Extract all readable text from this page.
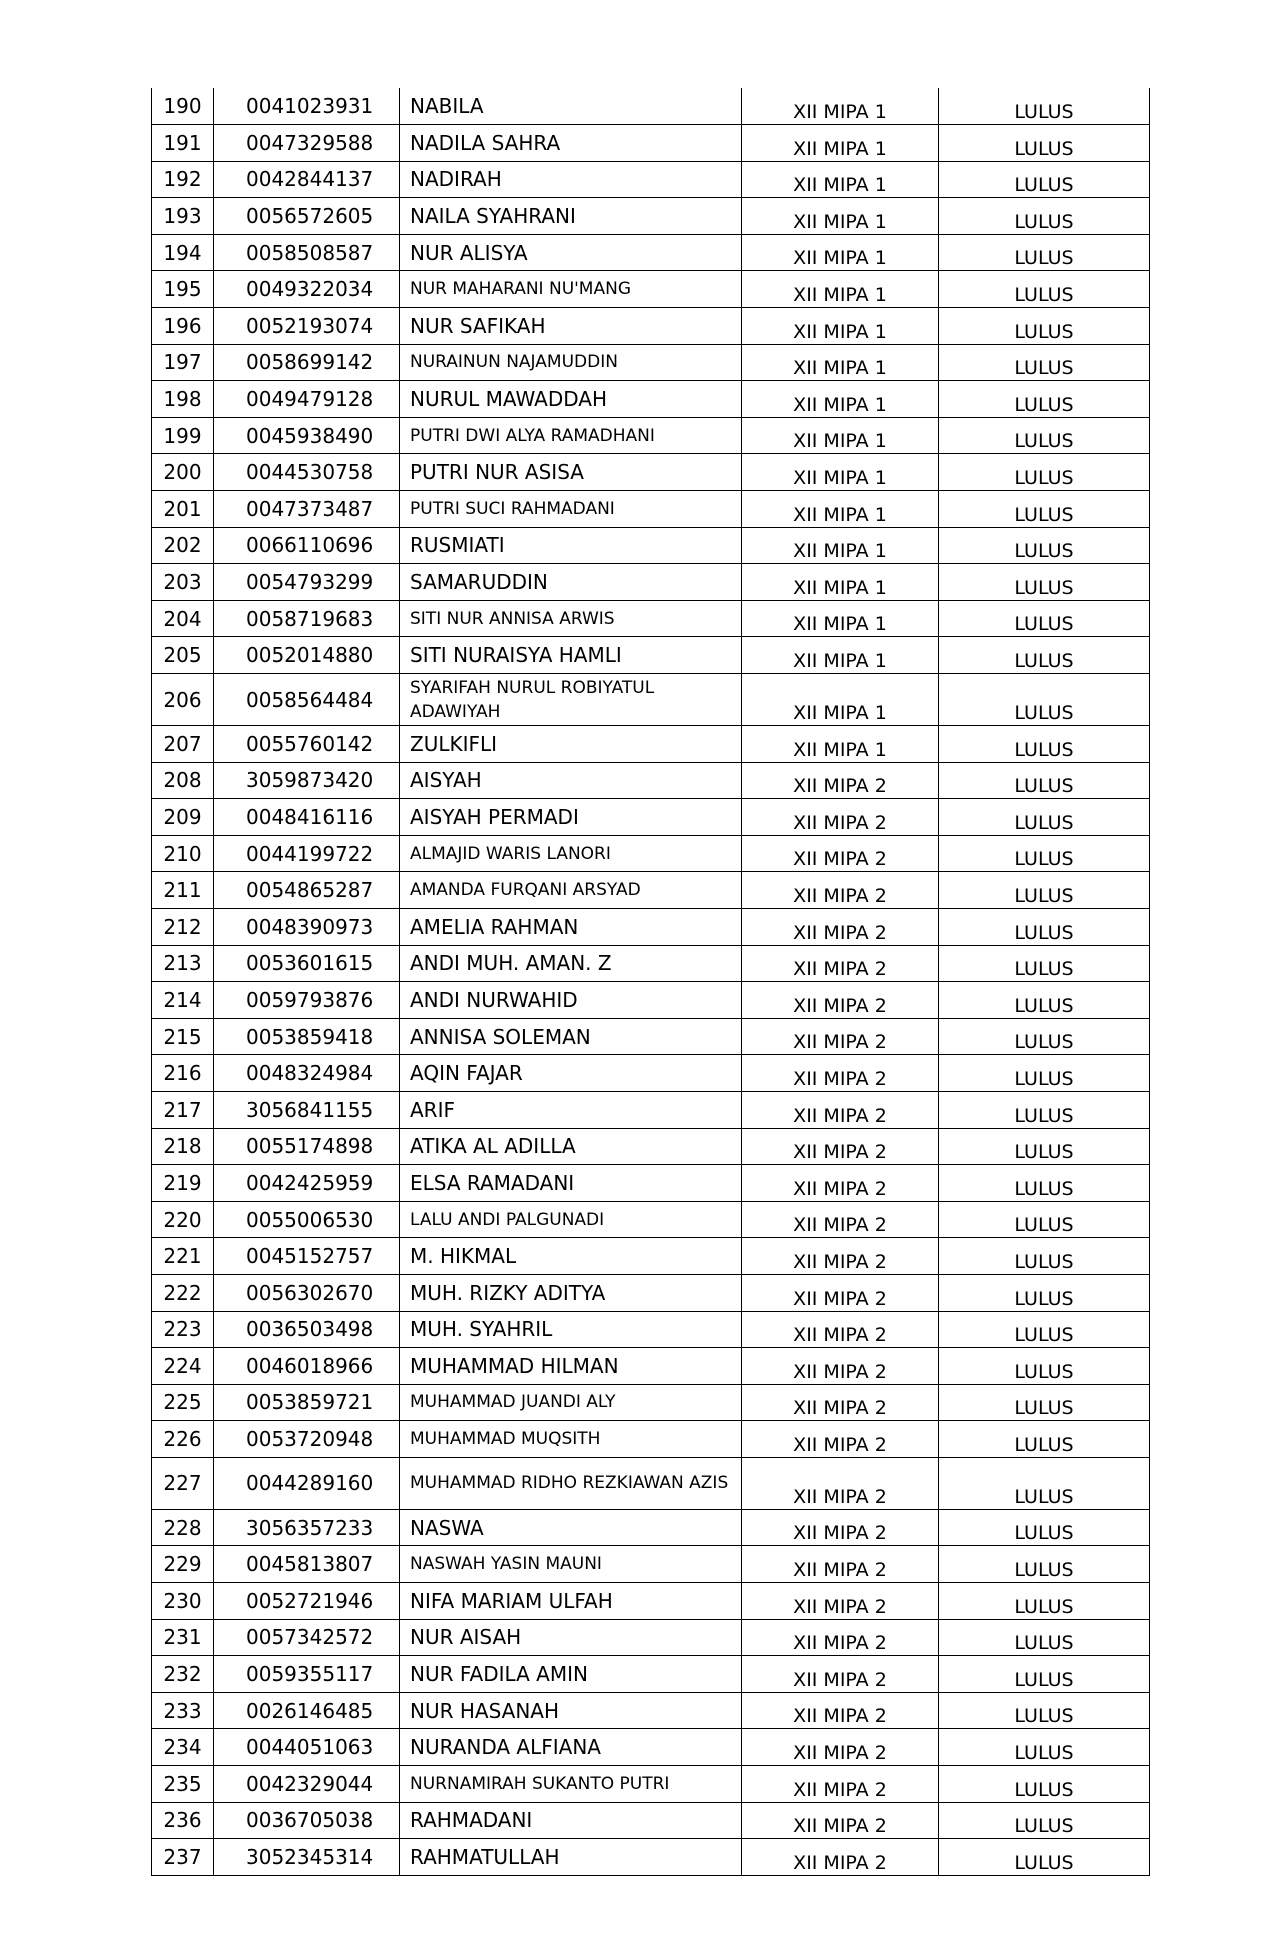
190	0041023931	NABILA	XII MIPA 1	LULUS
191	0047329588	NADILA SAHRA	XII MIPA 1	LULUS
192	0042844137	NADIRAH	XII MIPA 1	LULUS
193	0056572605	NAILA SYAHRANI	XII MIPA 1	LULUS
194	0058508587	NUR ALISYA	XII MIPA 1	LULUS
195	0049322034	NUR MAHARANI NU'MANG	XII MIPA 1	LULUS
196	0052193074	NUR SAFIKAH	XII MIPA 1	LULUS
197	0058699142	NURAINUN NAJAMUDDIN	XII MIPA 1	LULUS
198	0049479128	NURUL MAWADDAH	XII MIPA 1	LULUS
199	0045938490	PUTRI DWI ALYA RAMADHANI	XII MIPA 1	LULUS
200	0044530758	PUTRI NUR ASISA	XII MIPA 1	LULUS
201	0047373487	PUTRI SUCI RAHMADANI	XII MIPA 1	LULUS
202	0066110696	RUSMIATI	XII MIPA 1	LULUS
203	0054793299	SAMARUDDIN	XII MIPA 1	LULUS
204	0058719683	SITI NUR ANNISA ARWIS	XII MIPA 1	LULUS
205	0052014880	SITI NURAISYA HAMLI	XII MIPA 1	LULUS
206	0058564484	SYARIFAH NURUL ROBIYATUL ADAWIYAH	XII MIPA 1	LULUS
207	0055760142	ZULKIFLI	XII MIPA 1	LULUS
208	3059873420	AISYAH	XII MIPA 2	LULUS
209	0048416116	AISYAH PERMADI	XII MIPA 2	LULUS
210	0044199722	ALMAJID WARIS LANORI	XII MIPA 2	LULUS
211	0054865287	AMANDA FURQANI ARSYAD	XII MIPA 2	LULUS
212	0048390973	AMELIA RAHMAN	XII MIPA 2	LULUS
213	0053601615	ANDI MUH. AMAN. Z	XII MIPA 2	LULUS
214	0059793876	ANDI NURWAHID	XII MIPA 2	LULUS
215	0053859418	ANNISA SOLEMAN	XII MIPA 2	LULUS
216	0048324984	AQIN FAJAR	XII MIPA 2	LULUS
217	3056841155	ARIF	XII MIPA 2	LULUS
218	0055174898	ATIKA AL ADILLA	XII MIPA 2	LULUS
219	0042425959	ELSA RAMADANI	XII MIPA 2	LULUS
220	0055006530	LALU ANDI PALGUNADI	XII MIPA 2	LULUS
221	0045152757	M. HIKMAL	XII MIPA 2	LULUS
222	0056302670	MUH. RIZKY ADITYA	XII MIPA 2	LULUS
223	0036503498	MUH. SYAHRIL	XII MIPA 2	LULUS
224	0046018966	MUHAMMAD HILMAN	XII MIPA 2	LULUS
225	0053859721	MUHAMMAD JUANDI ALY	XII MIPA 2	LULUS
226	0053720948	MUHAMMAD MUQSITH	XII MIPA 2	LULUS
227	0044289160	MUHAMMAD RIDHO REZKIAWAN AZIS	XII MIPA 2	LULUS
228	3056357233	NASWA	XII MIPA 2	LULUS
229	0045813807	NASWAH YASIN MAUNI	XII MIPA 2	LULUS
230	0052721946	NIFA MARIAM ULFAH	XII MIPA 2	LULUS
231	0057342572	NUR AISAH	XII MIPA 2	LULUS
232	0059355117	NUR FADILA AMIN	XII MIPA 2	LULUS
233	0026146485	NUR HASANAH	XII MIPA 2	LULUS
234	0044051063	NURANDA ALFIANA	XII MIPA 2	LULUS
235	0042329044	NURNAMIRAH SUKANTO PUTRI	XII MIPA 2	LULUS
236	0036705038	RAHMADANI	XII MIPA 2	LULUS
237	3052345314	RAHMATULLAH	XII MIPA 2	LULUS
